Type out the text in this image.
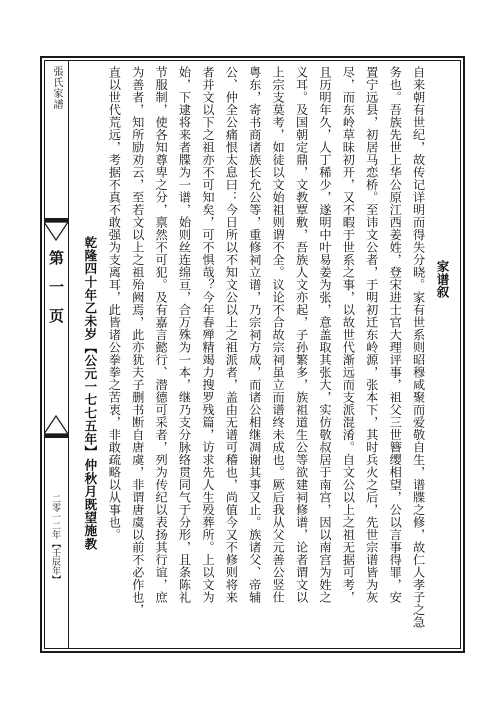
張氏家譜
第一页
二零一二年【壬辰年】
家谱叙
自来朝有世纪，故传记详明而得失分晓。家有世系则昭穆咸聚而爱敬自生，谱牒之修，故仁人孝子之急
务也。吾族先世上华公原江西姜姓，登宋进士官大理评事，祖父三世簪缨相望，公以言事得罪，安
置宁远县，初居马恋桥。至讳文公者，于明初迁东岭源，张本下，其时兵火之后，先世宗谱皆为灰
尽，而东岭草昧初开，又不暇于世系之事，以故世代渐远而支派混淆。自文公以上之祖无据可考，
且历明年久，人丁稀少，遂明中叶易姜为张，意盖取其张大，实仿敬叔居于南宫，因以南宫为姓之
义耳。及国朝定鼎，文教覃敷，吾族人文亦起，子孙繁多，族祖道生公等欲建祠修谱，论者谓文以
上宗支莫考，如徒以文始祖则谓不全。议论不合故宗祠虽立而谱终未成也。厥后我从父元善公竖仕
粤东，寄书商诸族长允公等，重修祠立谱，乃宗祠方成，而诸公相继凋谢其事又止。族诸父、帝辅
公、仲全公痛恨太息曰：今日所以不知文公以上之祖派者，盖由无谱可稽也，尚值今又不修则将来
者并文以下之祖亦不可知矣，可不惧哉？今年春殚精竭力搜罗残篇，访求先人生殁葬所。上以文为
始，下逮将来者牒为一谱，始则丝连绵亘，合万殊为一本，继乃支分脉络贯同气于分形，且条陈礼
节服制，使各知尊卑之分，禀然不可犯。及有嘉言懿行、潜德可采者，列为传纪以表扬其行谊，庶
为善者，知所励劝云，至若文以上之祖殆阙焉，此亦犹夫子删书断自唐虞，非谓唐虞以前不必作也，
直以世代荒远，考据不真不敢强为支离耳，此皆诸公拳拳之苦衷，非敢疏略以从事也。
乾隆四十年乙未岁【公元一七七五年】仲秋月既望施教
